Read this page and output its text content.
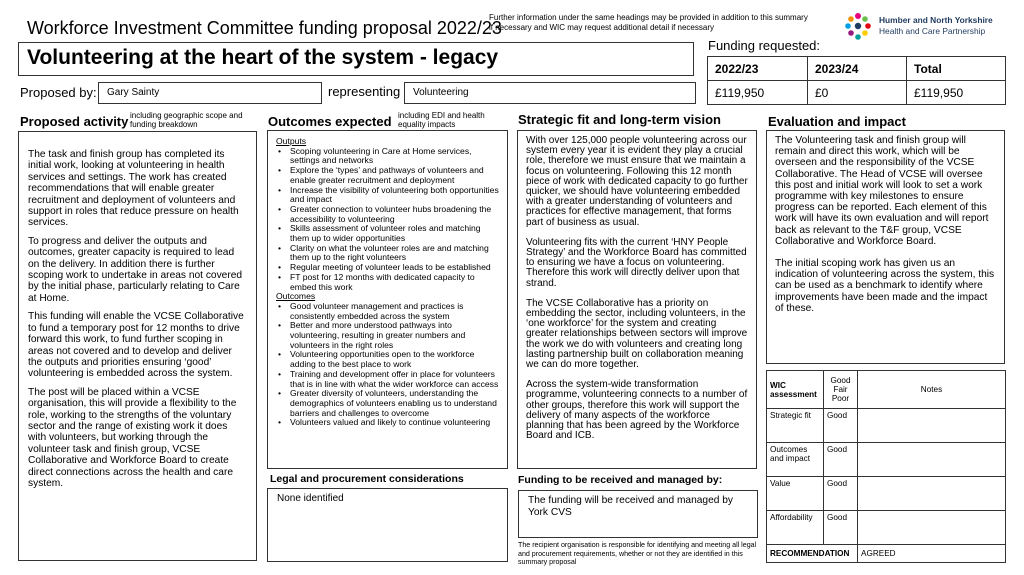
Workforce Investment Committee funding proposal 2022/23
Further information under the same headings may be provided in addition to this summary if necessary and WIC may request additional detail if necessary
Humber and North Yorkshire
Health and Care Partnership
Volunteering at the heart of the system - legacy
Funding requested:
2022/23	2023/24	Total
£119,950	£0	£119,950
Proposed by:	Gary Sainty	representing	Volunteering
Proposed activity including geographic scope and funding breakdown	Outcomes expected including EDI and health equality impacts	Strategic fit and long-term vision	Evaluation and impact

The task and finish group has completed its initial work, looking at volunteering in health services and settings. The work has created recommendations that will enable greater recruitment and deployment of volunteers and support in roles that reduce pressure on health services.

To progress and deliver the outputs and outcomes, greater capacity is required to lead on the delivery. In addition there is further scoping work to undertake in areas not covered by the initial phase, particularly relating to Care at Home.

This funding will enable the VCSE Collaborative to fund a temporary post for 12 months to drive forward this work, to fund further scoping in areas not covered and to develop and deliver the outputs and priorities ensuring ‘good’ volunteering is embedded across the system.

The post will be placed within a VCSE organisation, this will provide a flexibility to the role, working to the strengths of the voluntary sector and the range of existing work it does with volunteers, but working through the volunteer task and finish group, VCSE Collaborative and Workforce Board to create direct connections across the health and care system.

Outputs
• Scoping volunteering in Care at Home services, settings and networks
• Explore the ‘types’ and pathways of volunteers and enable greater recruitment and deployment
• Increase the visibility of volunteering both opportunities and impact
• Greater connection to volunteer hubs broadening the accessibility to volunteering
• Skills assessment of volunteer roles and matching them up to wider opportunities
• Clarity on what the volunteer roles are and matching them up to the right volunteers
• Regular meeting of volunteer leads to be established
• FT post for 12 months with dedicated capacity to embed this work
Outcomes
• Good volunteer management and practices is consistently embedded across the system
• Better and more understood pathways into volunteering, resulting in greater numbers and volunteers in the right roles
• Volunteering opportunities open to the workforce adding to the best place to work
• Training and development offer in place for volunteers that is in line with what the wider workforce can access
• Greater diversity of volunteers, understanding the demographics of volunteers enabling us to understand barriers and challenges to overcome
• Volunteers valued and likely to continue volunteering
Legal and procurement considerations
None identified

With over 125,000 people volunteering across our system every year it is evident they play a crucial role, therefore we must ensure that we maintain a focus on volunteering. Following this 12 month piece of work with dedicated capacity to go further quicker, we should have volunteering embedded with a greater understanding of volunteers and practices for effective management, that forms part of business as usual.

Volunteering fits with the current ‘HNY People Strategy’ and the Workforce Board has committed to ensuring we have a focus on volunteering. Therefore this work will directly deliver upon that strand.

The VCSE Collaborative has a priority on embedding the sector, including volunteers, in the ‘one workforce’ for the system and creating greater relationships between sectors will improve the work we do with volunteers and creating long lasting partnership built on collaboration meaning we can do more together.

Across the system-wide transformation programme, volunteering connects to a number of other groups, therefore this work will support the delivery of many aspects of the workforce planning that has been agreed by the Workforce Board and ICB.

Funding to be received and managed by:
The funding will be received and managed by York CVS
The recipient organisation is responsible for identifying and meeting all legal and procurement requirements, whether or not they are identified in this summary proposal

The Volunteering task and finish group will remain and direct this work, which will be overseen and the responsibility of the VCSE Collaborative. The Head of VCSE will oversee this post and initial work will look to set a work programme with key milestones to ensure progress can be reported. Each element of this work will have its own evaluation and will report back as relevant to the T&F group, VCSE Collaborative and Workforce Board.

The initial scoping work has given us an indication of volunteering across the system, this can be used as a benchmark to identify where improvements have been made and the impact of these.

WIC assessment	Good Fair Poor	Notes
Strategic fit	Good	
Outcomes and impact	Good	
Value	Good	
Affordability	Good	
RECOMMENDATION		AGREED
